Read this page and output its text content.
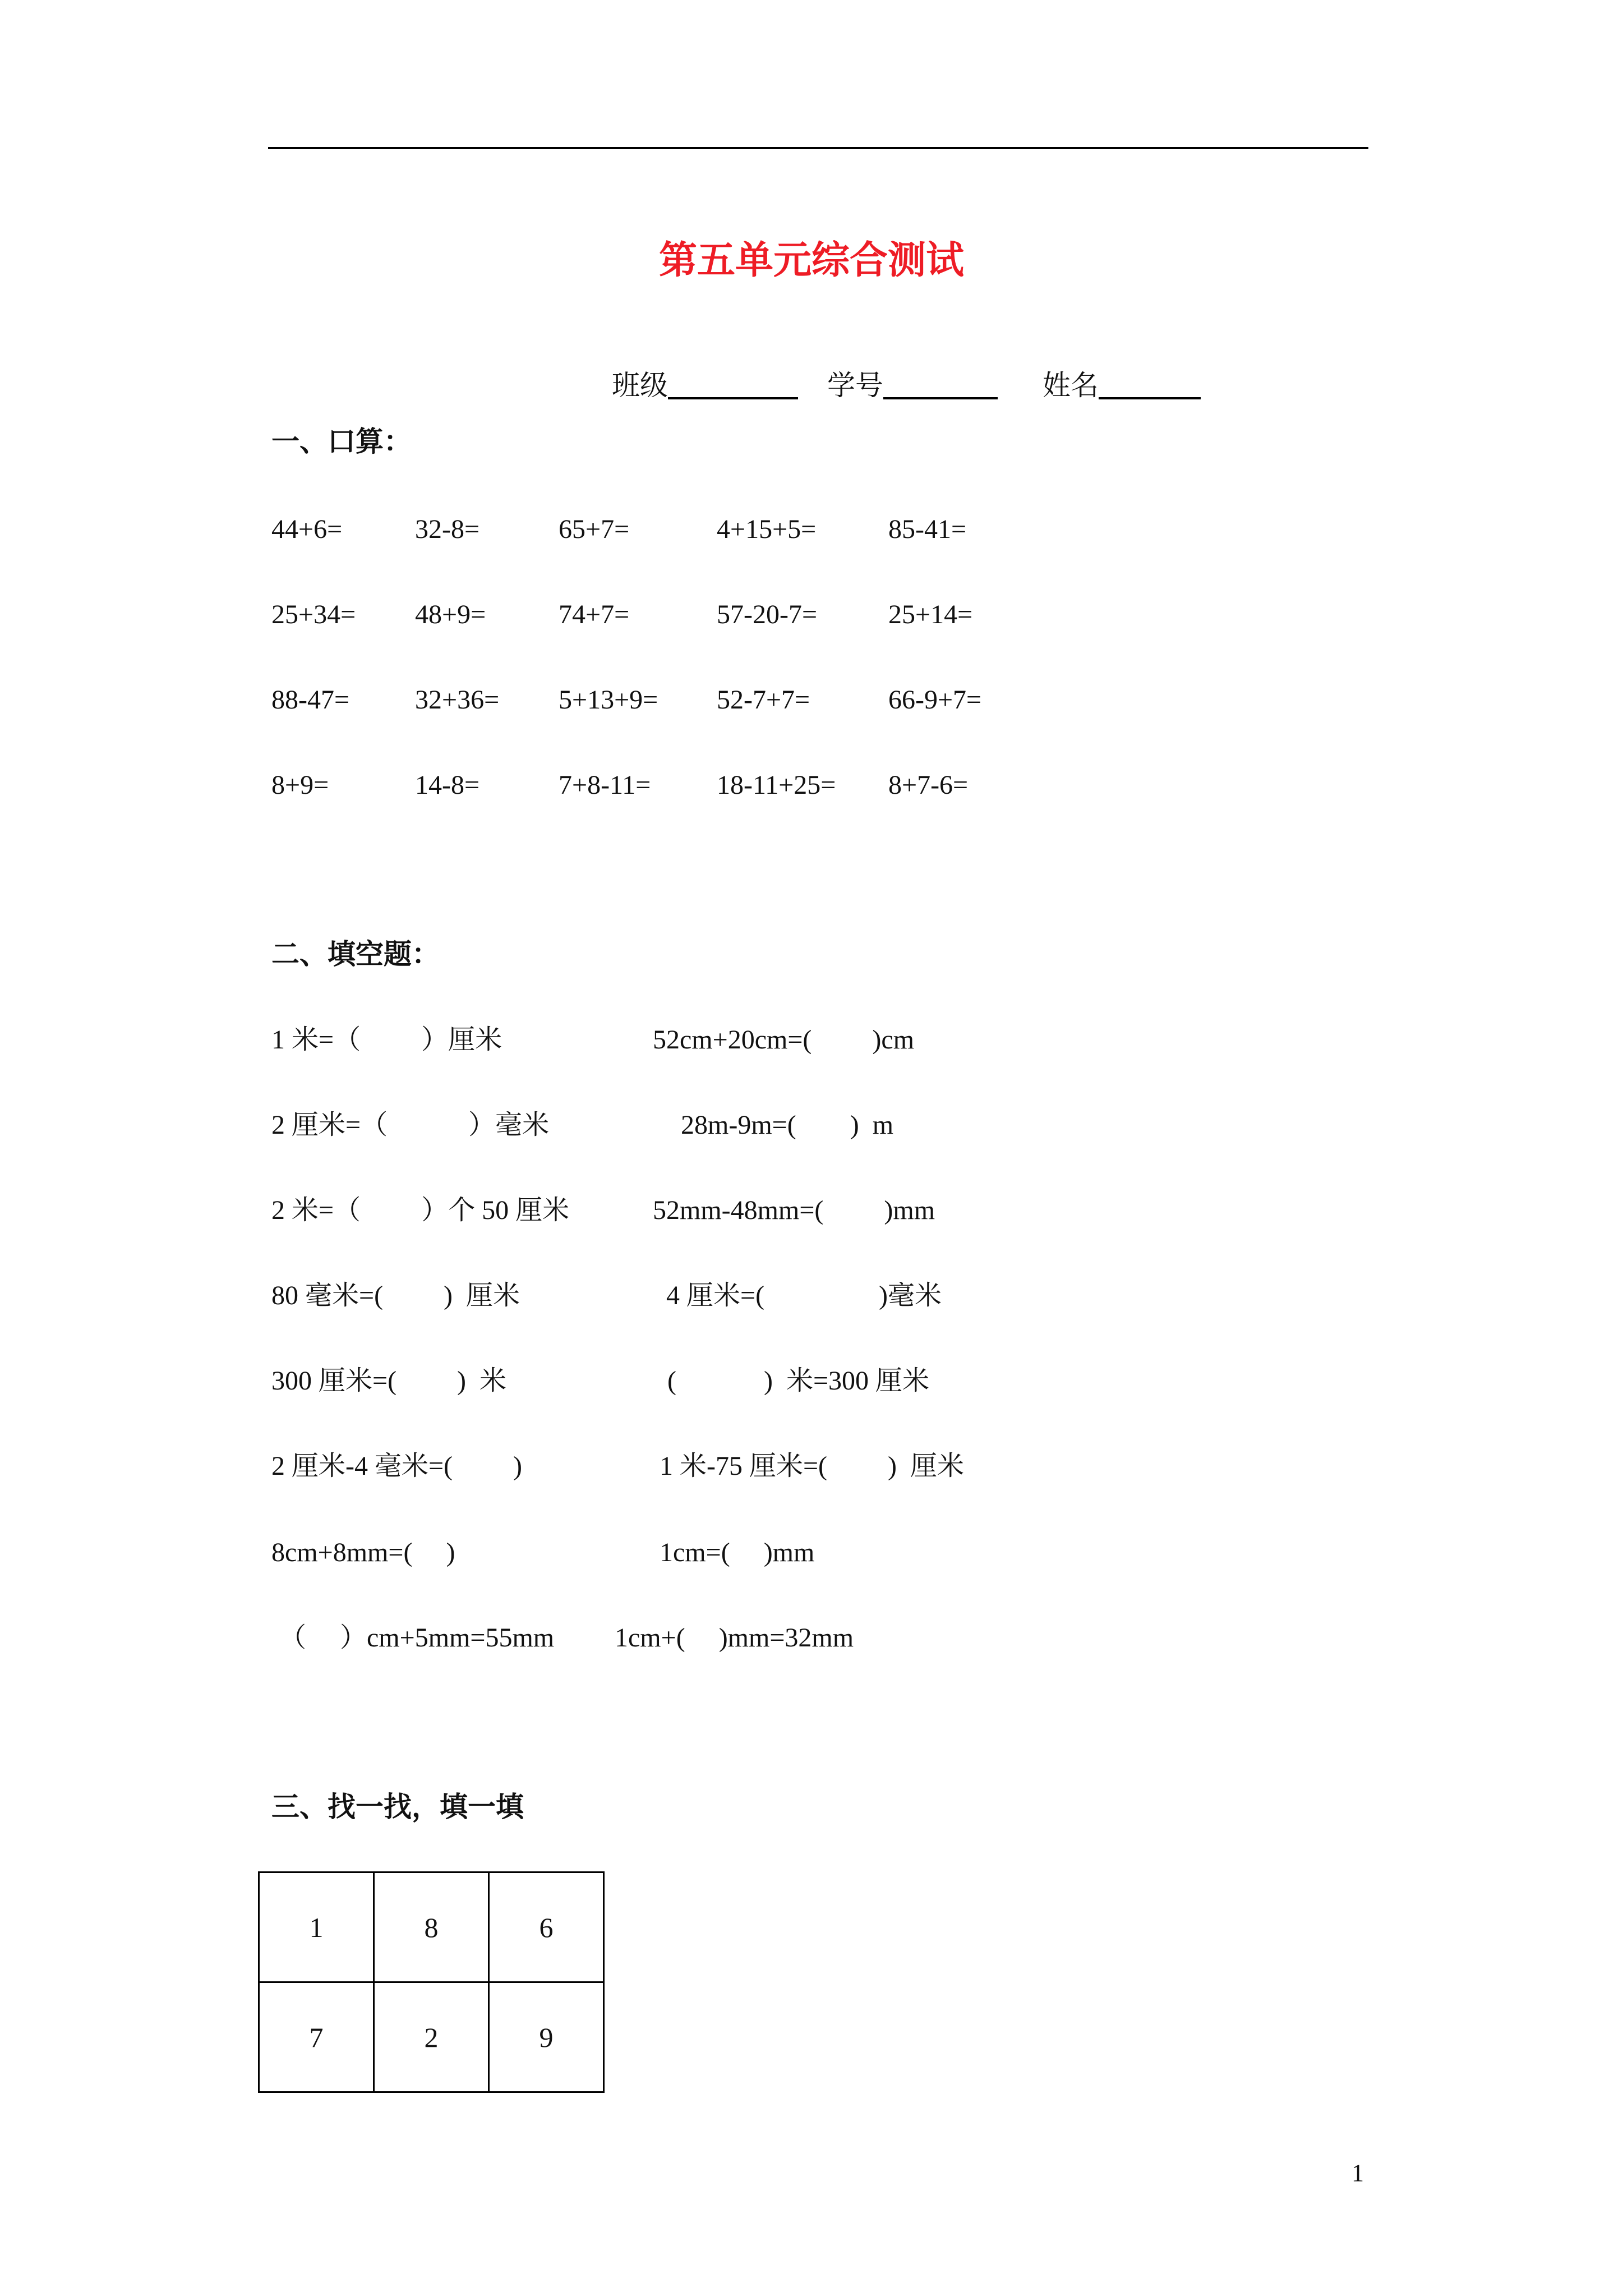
第五单元综合测试

班级	学号	姓名

一、口算：
44+6=	32-8=	65+7=	4+15+5=	85-41=
25+34= 48+9=	74+7=	57-20-7=	25+14=
88-47= 32+36= 5+13+9= 52-7+7=	66-9+7=
8+9=	14-8=	7+8-11= 18-11+25= 8+7-6=
二、填空题：
1 米=（　　 ）厘米	52cm+20cm=(　　 )cm
2 厘米=（　　　）毫米	28m-9m=(　　)  m
2 米=（　　 ）个 50 厘米	52mm-48mm=(　　 )mm
80 毫米=(　　 )  厘米	4 厘米=(　　　　 )毫米
300 厘米=(　　 )  米	(　　　 )  米=300 厘米
2 厘米-4 毫米=(　　 )	1 米-75 厘米=(　　 )  厘米
8cm+8mm=(　 )	1cm=(　 )mm
（　 ）cm+5mm=55mm 1cm+(　 )mm=32mm
三、找一找，填一填
1	8	6
7	2	9
1
